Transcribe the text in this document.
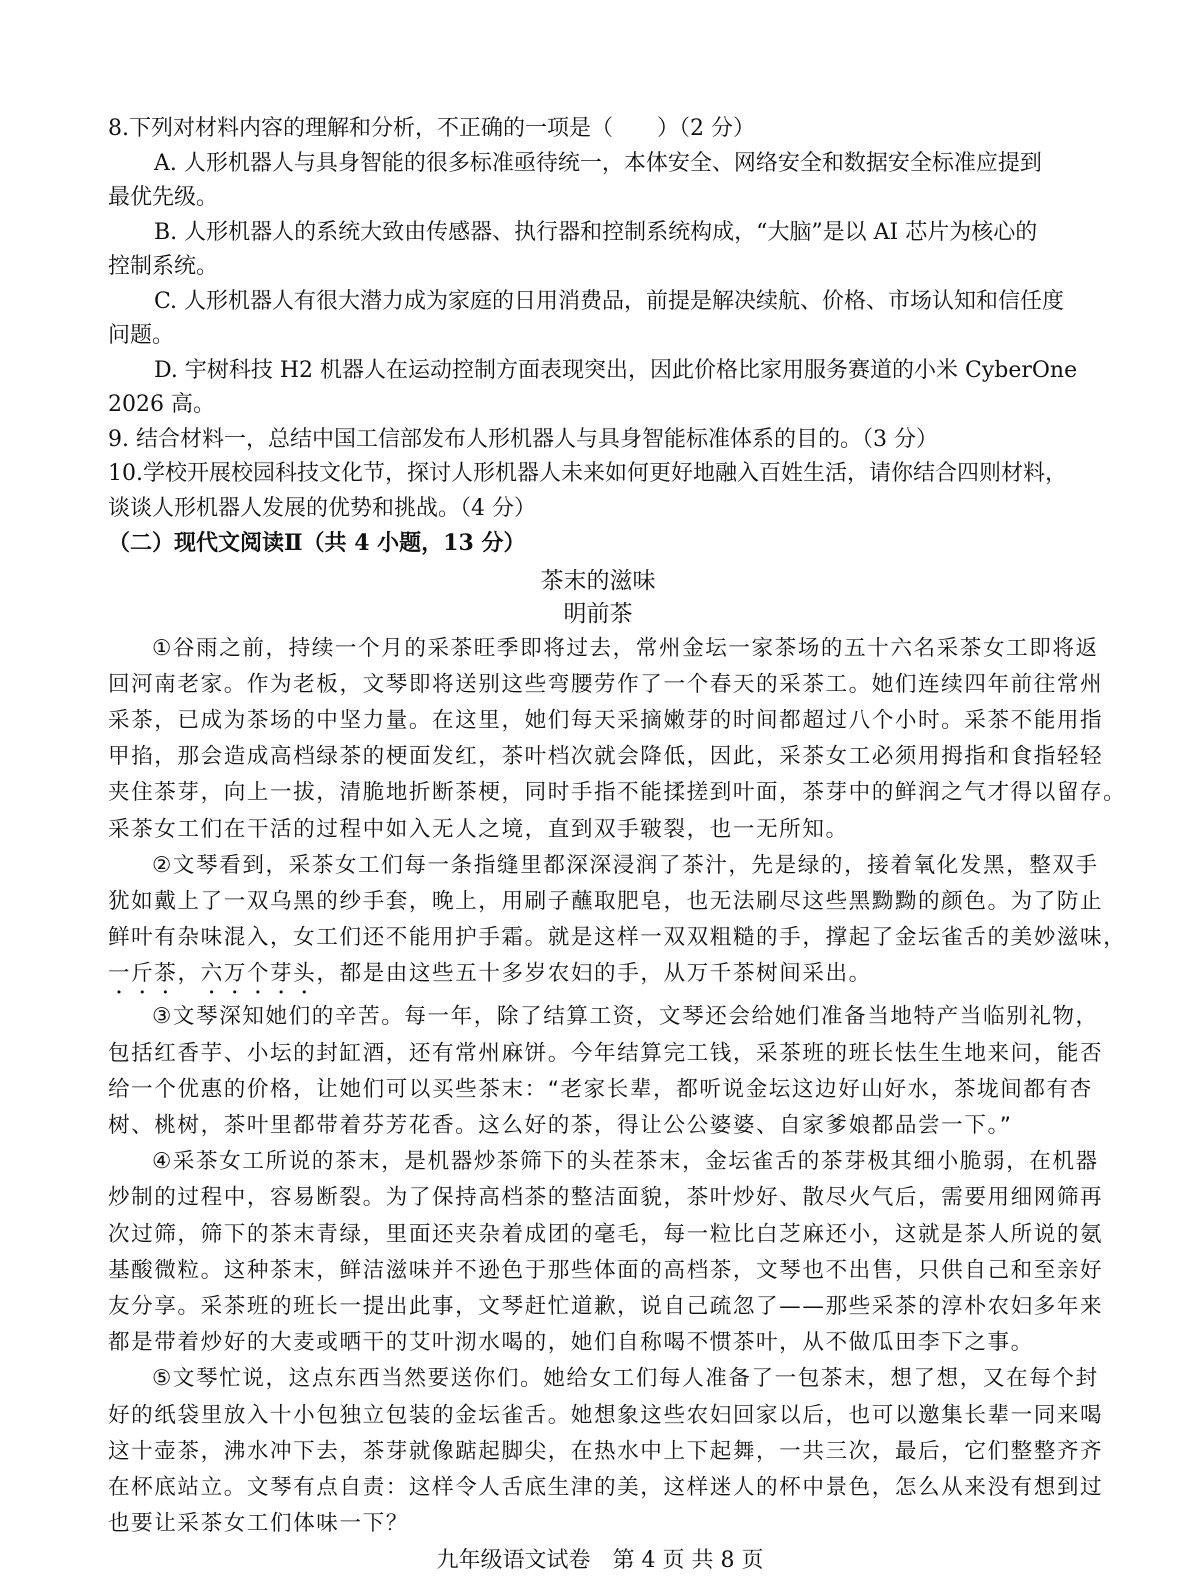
8.下列对材料内容的理解和分析，不正确的一项是（　　）（2 分）
A. 人形机器人与具身智能的很多标准亟待统一，本体安全、网络安全和数据安全标准应提到
最优先级。
B. 人形机器人的系统大致由传感器、执行器和控制系统构成，“大脑”是以 AI 芯片为核心的
控制系统。
C. 人形机器人有很大潜力成为家庭的日用消费品，前提是解决续航、价格、市场认知和信任度
问题。
D. 宇树科技 H2 机器人在运动控制方面表现突出，因此价格比家用服务赛道的小米 CyberOne
2026 高。
9. 结合材料一，总结中国工信部发布人形机器人与具身智能标准体系的目的。（3 分）
10.学校开展校园科技文化节，探讨人形机器人未来如何更好地融入百姓生活，请你结合四则材料，
谈谈人形机器人发展的优势和挑战。（4 分）
（二）现代文阅读Ⅱ（共 4 小题，13 分）
茶末的滋味
明前茶
①谷雨之前，持续一个月的采茶旺季即将过去，常州金坛一家茶场的五十六名采茶女工即将返
回河南老家。作为老板，文琴即将送别这些弯腰劳作了一个春天的采茶工。她们连续四年前往常州
采茶，已成为茶场的中坚力量。在这里，她们每天采摘嫩芽的时间都超过八个小时。采茶不能用指
甲掐，那会造成高档绿茶的梗面发红，茶叶档次就会降低，因此，采茶女工必须用拇指和食指轻轻
夹住茶芽，向上一拔，清脆地折断茶梗，同时手指不能揉搓到叶面，茶芽中的鲜润之气才得以留存。
采茶女工们在干活的过程中如入无人之境，直到双手皲裂，也一无所知。
②文琴看到，采茶女工们每一条指缝里都深深浸润了茶汁，先是绿的，接着氧化发黑，整双手
犹如戴上了一双乌黑的纱手套，晚上，用刷子蘸取肥皂，也无法刷尽这些黑黝黝的颜色。为了防止
鲜叶有杂味混入，女工们还不能用护手霜。就是这样一双双粗糙的手，撑起了金坛雀舌的美妙滋味，
一斤茶，六万个芽头，都是由这些五十多岁农妇的手，从万千茶树间采出。
③文琴深知她们的辛苦。每一年，除了结算工资，文琴还会给她们准备当地特产当临别礼物，
包括红香芋、小坛的封缸酒，还有常州麻饼。今年结算完工钱，采茶班的班长怯生生地来问，能否
给一个优惠的价格，让她们可以买些茶末：“老家长辈，都听说金坛这边好山好水，茶垅间都有杏
树、桃树，茶叶里都带着芬芳花香。这么好的茶，得让公公婆婆、自家爹娘都品尝一下。”
④采茶女工所说的茶末，是机器炒茶筛下的头茬茶末，金坛雀舌的茶芽极其细小脆弱，在机器
炒制的过程中，容易断裂。为了保持高档茶的整洁面貌，茶叶炒好、散尽火气后，需要用细网筛再
次过筛，筛下的茶末青绿，里面还夹杂着成团的毫毛，每一粒比白芝麻还小，这就是茶人所说的氨
基酸微粒。这种茶末，鲜洁滋味并不逊色于那些体面的高档茶，文琴也不出售，只供自己和至亲好
友分享。采茶班的班长一提出此事，文琴赶忙道歉，说自己疏忽了——那些采茶的淳朴农妇多年来
都是带着炒好的大麦或晒干的艾叶沏水喝的，她们自称喝不惯茶叶，从不做瓜田李下之事。
⑤文琴忙说，这点东西当然要送你们。她给女工们每人准备了一包茶末，想了想，又在每个封
好的纸袋里放入十小包独立包装的金坛雀舌。她想象这些农妇回家以后，也可以邀集长辈一同来喝
这十壶茶，沸水冲下去，茶芽就像踮起脚尖，在热水中上下起舞，一共三次，最后，它们整整齐齐
在杯底站立。文琴有点自责：这样令人舌底生津的美，这样迷人的杯中景色，怎么从来没有想到过
也要让采茶女工们体味一下？
九年级语文试卷　第 4 页 共 8 页
